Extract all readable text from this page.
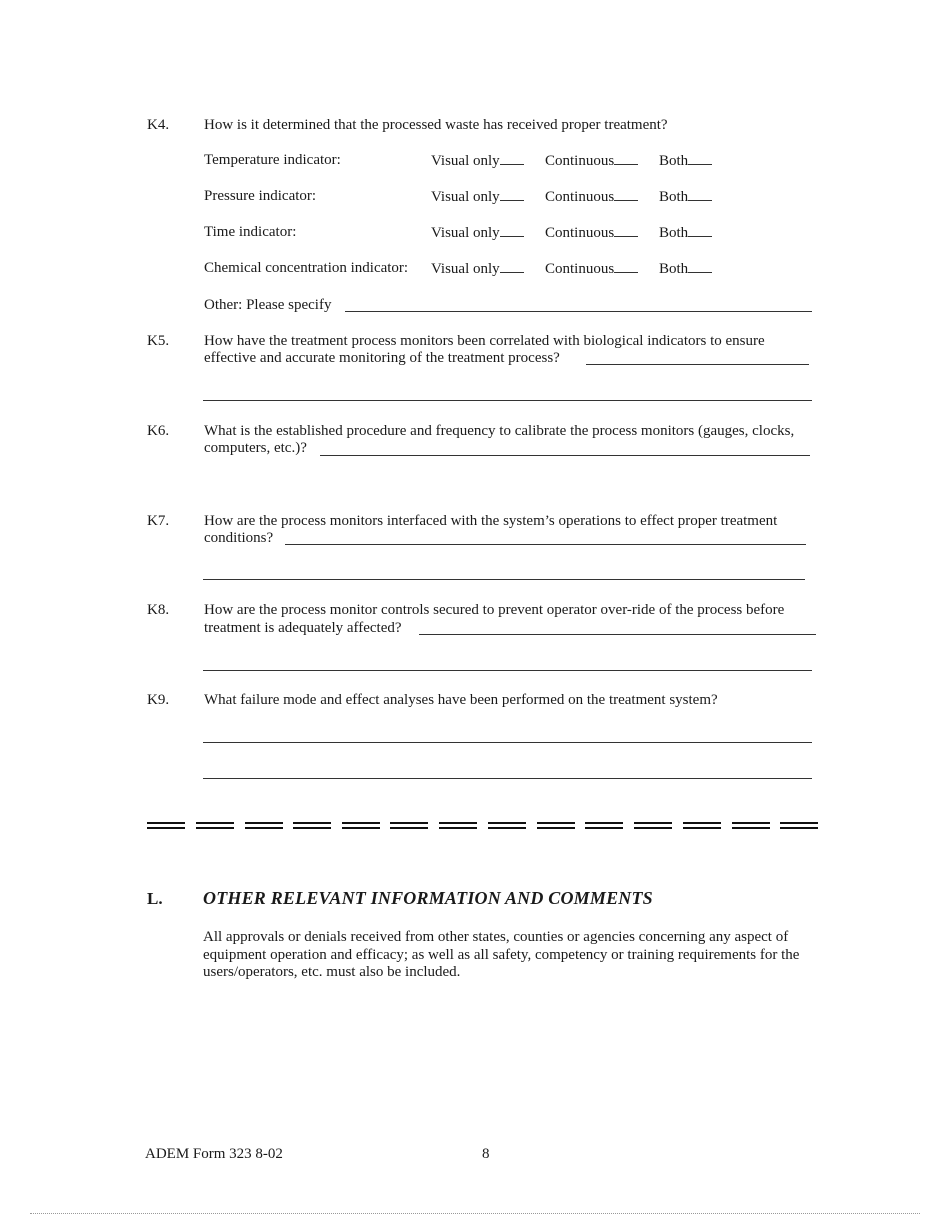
K4. How is it determined that the processed waste has received proper treatment?
Temperature indicator:	Visual only	Continuous	Both
Pressure indicator:	Visual only	Continuous	Both
Time indicator:	Visual only	Continuous	Both
Chemical concentration indicator: Visual only	Continuous	Both
Other: Please specify
K5. How have the treatment process monitors been correlated with biological indicators to ensure
effective and accurate monitoring of the treatment process?
K6. What is the established procedure and frequency to calibrate the process monitors (gauges, clocks,
computers, etc.)?
K7. How are the process monitors interfaced with the system’s operations to effect proper treatment
conditions?
K8. How are the process monitor controls secured to prevent operator over-ride of the process before
treatment is adequately affected?
K9. What failure mode and effect analyses have been performed on the treatment system?
L. OTHER RELEVANT INFORMATION AND COMMENTS
All approvals or denials received from other states, counties or agencies concerning any aspect of equipment operation and efficacy; as well as all safety, competency or training requirements for the users/operators, etc. must also be included.
ADEM Form 323 8-02	8
